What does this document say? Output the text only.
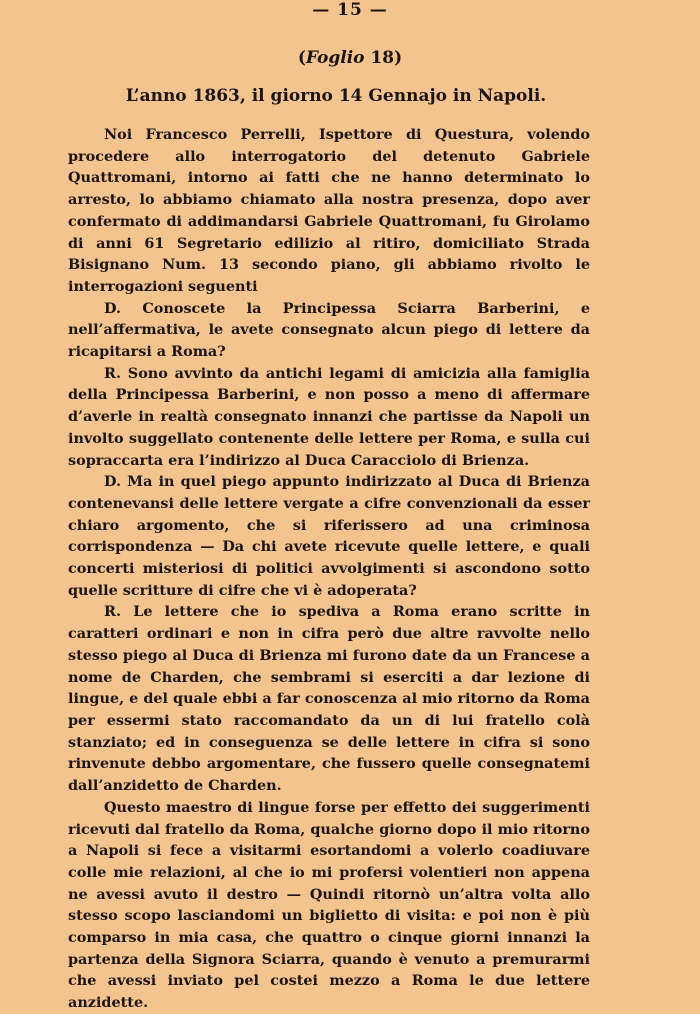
— 15 —
(Foglio 18)
L’anno 1863, il giorno 14 Gennajo in Napoli.

Noi Francesco Perrelli, Ispettore di Questura, volendo procedere allo interrogatorio del detenuto Gabriele Quattromani, intorno ai fatti che ne hanno determinato lo arresto, lo abbiamo chiamato alla nostra presenza, dopo aver confermato di addimandarsi Gabriele Quattromani, fu Girolamo di anni 61 Segretario edilizio al ritiro, domiciliato Strada Bisignano Num. 13 secondo piano, gli abbiamo rivolto le interrogazioni seguenti

D. Conoscete la Principessa Sciarra Barberini, e nell’affermativa, le avete consegnato alcun piego di lettere da ricapitarsi a Roma?

R. Sono avvinto da antichi legami di amicizia alla famiglia della Principessa Barberini, e non posso a meno di affermare d’averle in realtà consegnato innanzi che partisse da Napoli un involto suggellato contenente delle lettere per Roma, e sulla cui sopraccarta era l’indirizzo al Duca Caracciolo di Brienza.

D. Ma in quel piego appunto indirizzato al Duca di Brienza contenevansi delle lettere vergate a cifre convenzionali da esser chiaro argomento, che si riferissero ad una criminosa corrispondenza — Da chi avete ricevute quelle lettere, e quali concerti misteriosi di politici avvolgimenti si ascondono sotto quelle scritture di cifre che vi è adoperata?

R. Le lettere che io spediva a Roma erano scritte in caratteri ordinari e non in cifra però due altre ravvolte nello stesso piego al Duca di Brienza mi furono date da un Francese a nome de Charden, che sembrami si eserciti a dar lezione di lingue, e del quale ebbi a far conoscenza al mio ritorno da Roma per essermi stato raccomandato da un di lui fratello colà stanziato; ed in conseguenza se delle lettere in cifra si sono rinvenute debbo argomentare, che fussero quelle consegnatemi dall’anzidetto de Charden.

Questo maestro di lingue forse per effetto dei suggerimenti ricevuti dal fratello da Roma, qualche giorno dopo il mio ritorno a Napoli si fece a visitarmi esortandomi a volerlo coadiuvare colle mie relazioni, al che io mi profersi volentieri non appena ne avessi avuto il destro — Quindi ritornò un’altra volta allo stesso scopo lasciandomi un biglietto di visita: e poi non è più comparso in mia casa, che quattro o cinque giorni innanzi la partenza della Signora Sciarra, quando è venuto a premurarmi che avessi inviato pel costei mezzo a Roma le due lettere anzidette.
